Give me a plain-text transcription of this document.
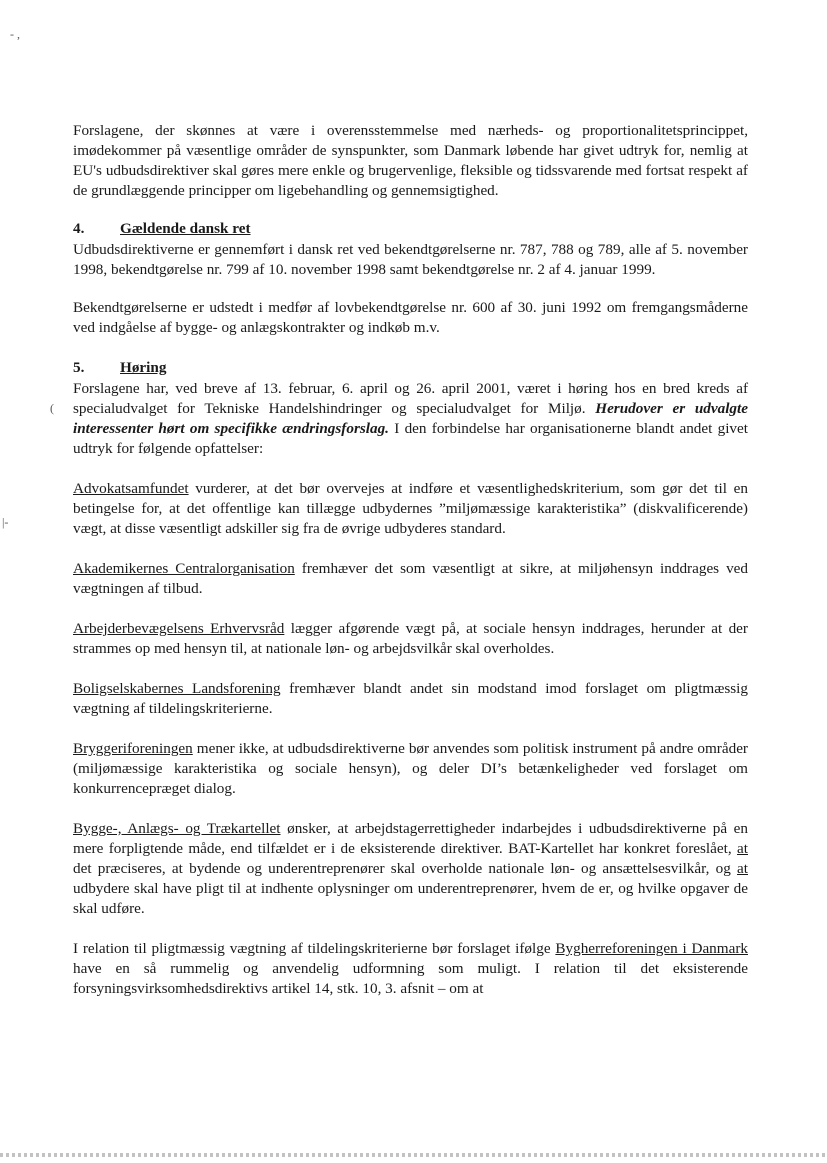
- ,
(
|-

Forslagene, der skønnes at være i overensstemmelse med nærheds- og proportionalitetsprincippet, imødekommer på væsentlige områder de synspunkter, som Danmark løbende har givet udtryk for, nemlig at EU's udbudsdirektiver skal gøres mere enkle og brugervenlige, fleksible og tidssvarende med fortsat respekt af de grundlæggende principper om ligebehandling og gennemsigtighed.

4.	Gældende dansk ret

Udbudsdirektiverne er gennemført i dansk ret ved bekendtgørelserne nr. 787, 788 og 789, alle af 5. november 1998, bekendtgørelse nr. 799 af 10. november 1998 samt bekendtgørelse nr. 2 af 4. januar 1999.

Bekendtgørelserne er udstedt i medfør af lovbekendtgørelse nr. 600 af 30. juni 1992 om fremgangsmåderne ved indgåelse af bygge- og anlægskontrakter og indkøb m.v.

5.	Høring

Forslagene har, ved breve af 13. februar, 6. april og 26. april 2001, været i høring hos en bred kreds af specialudvalget for Tekniske Handelshindringer og specialudvalget for Miljø. Herudover er udvalgte interessenter hørt om specifikke ændringsforslag. I den forbindelse har organisationerne blandt andet givet udtryk for følgende opfattelser:

Advokatsamfundet vurderer, at det bør overvejes at indføre et væsentlighedskriterium, som gør det til en betingelse for, at det offentlige kan tillægge udbydernes ”miljømæssige karakteristika” (diskvalificerende) vægt, at disse væsentligt adskiller sig fra de øvrige udbyderes standard.

Akademikernes Centralorganisation fremhæver det som væsentligt at sikre, at miljøhensyn inddrages ved vægtningen af tilbud.

Arbejderbevægelsens Erhvervsråd lægger afgørende vægt på, at sociale hensyn inddrages, herunder at der strammes op med hensyn til, at nationale løn- og arbejdsvilkår skal overholdes.

Boligselskabernes Landsforening fremhæver blandt andet sin modstand imod forslaget om pligtmæssig vægtning af tildelingskriterierne.

Bryggeriforeningen mener ikke, at udbudsdirektiverne bør anvendes som politisk instrument på andre områder (miljømæssige karakteristika og sociale hensyn), og deler DI’s betænkeligheder ved forslaget om konkurrencepræget dialog.

Bygge-, Anlægs- og Trækartellet ønsker, at arbejdstagerrettigheder indarbejdes i udbudsdirektiverne på en mere forpligtende måde, end tilfældet er i de eksisterende direktiver. BAT-Kartellet har konkret foreslået, at det præciseres, at bydende og underentreprenører skal overholde nationale løn- og ansættelsesvilkår, og at udbydere skal have pligt til at indhente oplysninger om underentreprenører, hvem de er, og hvilke opgaver de skal udføre.

I relation til pligtmæssig vægtning af tildelingskriterierne bør forslaget ifølge Bygherreforeningen i Danmark have en så rummelig og anvendelig udformning som muligt. I relation til det eksisterende forsyningsvirksomhedsdirektivs artikel 14, stk. 10, 3. afsnit – om at
